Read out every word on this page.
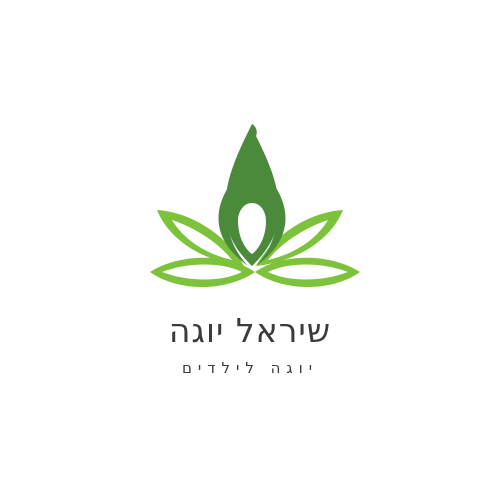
שיראל יוגה
יוגה לילדים
